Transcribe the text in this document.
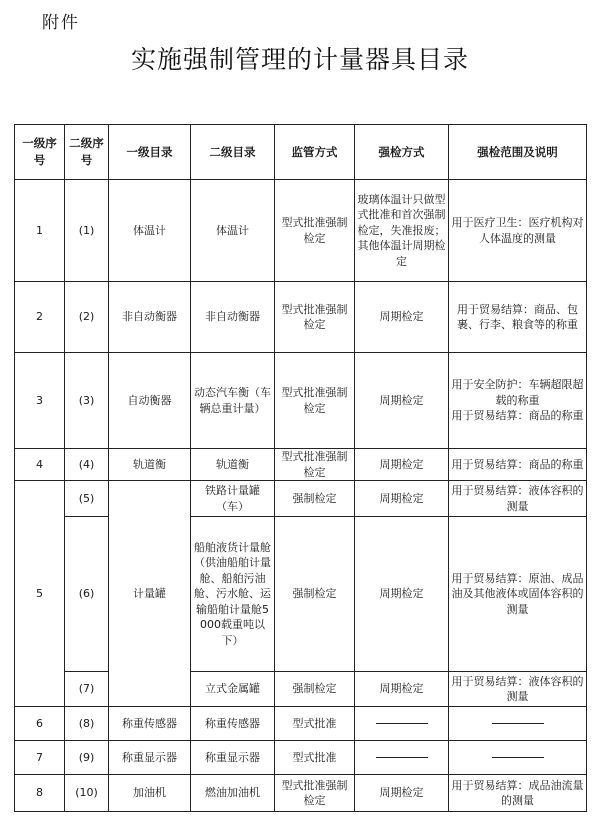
附件
实施强制管理的计量器具目录
一级序号	二级序号	一级目录	二级目录	监管方式	强检方式	强检范围及说明
1	(1)	体温计	体温计	型式批准强制检定	玻璃体温计只做型式批准和首次强制检定，失准报废；其他体温计周期检定	用于医疗卫生：医疗机构对人体温度的测量
2	(2)	非自动衡器	非自动衡器	型式批准强制检定	周期检定	用于贸易结算：商品、包裹、行李、粮食等的称重
3	(3)	自动衡器	动态汽车衡（车辆总重计量）	型式批准强制检定	周期检定	用于安全防护：车辆超限超载的称重
用于贸易结算：商品的称重

4	(4)	轨道衡	轨道衡	型式批准强制检定	周期检定	用于贸易结算：商品的称重
5	(5)	计量罐	铁路计量罐（车）	强制检定	周期检定	用于贸易结算：液体容积的测量
	(6)		船舶液货计量舱（供油船舶计量舱、船舶污油舱、污水舱、运输船舶计量舱5000载重吨以下）	强制检定	周期检定	用于贸易结算：原油、成品油及其他液体或固体容积的测量
	(7)		立式金属罐	强制检定	周期检定	用于贸易结算：液体容积的测量
6	(8)	称重传感器	称重传感器	型式批准		
7	(9)	称重显示器	称重显示器	型式批准		
8	(10)	加油机	燃油加油机	型式批准强制检定	周期检定	用于贸易结算：成品油流量的测量
